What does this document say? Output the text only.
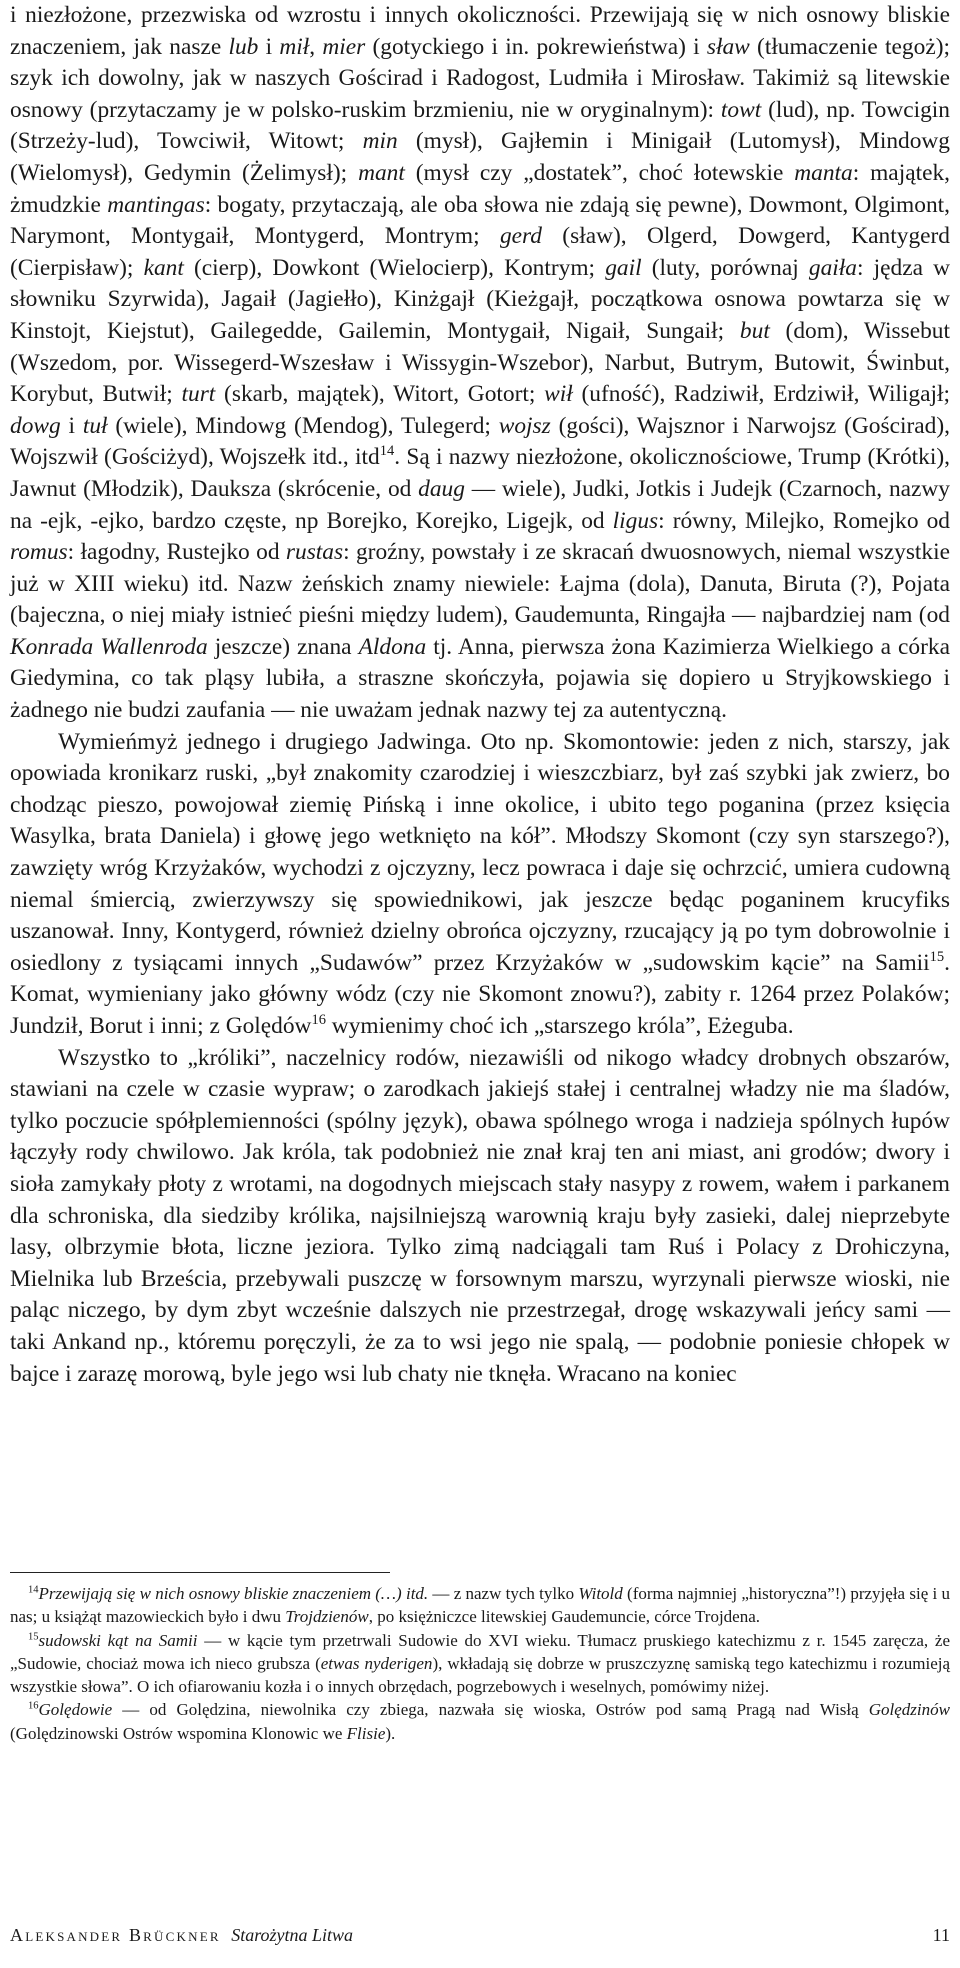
i niezłożone, przezwiska od wzrostu i innych okoliczności. Przewijają się w nich osnowy bliskie znaczeniem, jak nasze lub i mił, mier (gotyckiego i in. pokrewieństwa) i sław (tłumaczenie tegoż); szyk ich dowolny, jak w naszych Gościrad i Radogost, Ludmiła i Mirosław. Takimiż są litewskie osnowy (przytaczamy je w polsko-ruskim brzmieniu, nie w oryginalnym): towt (lud), np. Towcigin (Strzeży-lud), Towciwił, Witowt; min (mysł), Gajłemin i Minigaił (Lutomysł), Mindowg (Wielomysł), Gedymin (Żelimysł); mant (mysł czy „dostatek”, choć łotewskie manta: majątek, żmudzkie mantingas: bogaty, przytaczają, ale oba słowa nie zdają się pewne), Dowmont, Olgimont, Narymont, Montygaił, Montygerd, Montrym; gerd (sław), Olgerd, Dowgerd, Kantygerd (Cierpisław); kant (cierp), Dowkont (Wielocierp), Kontrym; gail (luty, porównaj gaiła: jędza w słowniku Szyrwida), Jagaił (Jagiełło), Kinżgajł (Kieżgajł, początkowa osnowa powtarza się w Kinstojt, Kiejstut), Gailegedde, Gailemin, Montygaił, Nigaił, Sungaił; but (dom), Wissebut (Wszedom, por. Wissegerd-Wszesław i Wissygin-Wszebor), Narbut, Butrym, Butowit, Świnbut, Korybut, Butwił; turt (skarb, majątek), Witort, Gotort; wił (ufność), Radziwił, Erdziwił, Wiligajł; dowg i tuł (wiele), Mindowg (Mendog), Tulegerd; wojsz (gości), Wajsznor i Narwojsz (Gościrad), Wojszwił (Gościżyd), Wojszełk itd., itd$^{14}$. Są i nazwy niezłożone, okolicznościowe, Trump (Krótki), Jawnut (Młodzik), Dauksza (skrócenie, od daug — wiele), Judki, Jotkis i Judejk (Czarnoch, nazwy na -ejk, -ejko, bardzo częste, np Borejko, Korejko, Ligejk, od ligus: równy, Milejko, Romejko od romus: łagodny, Rustejko od rustas: groźny, powstały i ze skracań dwuosnowych, niemal wszystkie już w XIII wieku) itd. Nazw żeńskich znamy niewiele: Łajma (dola), Danuta, Biruta (?), Pojata (bajeczna, o niej miały istnieć pieśni między ludem), Gaudemunta, Ringajła — najbardziej nam (od Konrada Wallenroda jeszcze) znana Aldona tj. Anna, pierwsza żona Kazimierza Wielkiego a córka Giedymina, co tak pląsy lubiła, a straszne skończyła, pojawia się dopiero u Stryjkowskiego i żadnego nie budzi zaufania — nie uważam jednak nazwy tej za autentyczną.

Wymieńmyż jednego i drugiego Jadwinga. Oto np. Skomontowie: jeden z nich, starszy, jak opowiada kronikarz ruski, „był znakomity czarodziej i wieszczbiarz, był zaś szybki jak zwierz, bo chodząc pieszo, powojował ziemię Pińską i inne okolice, i ubito tego poganina (przez księcia Wasylka, brata Daniela) i głowę jego wetknięto na kół”. Młodszy Skomont (czy syn starszego?), zawzięty wróg Krzyżaków, wychodzi z ojczyzny, lecz powraca i daje się ochrzcić, umiera cudowną niemal śmiercią, zwierzywszy się spowiednikowi, jak jeszcze będąc poganinem krucyfiks uszanował. Inny, Kontygerd, również dzielny obrońca ojczyzny, rzucający ją po tym dobrowolnie i osiedlony z tysiącami innych „Sudawów” przez Krzyżaków w „sudowskim kącie” na Samii$^{15}$. Komat, wymieniany jako główny wódz (czy nie Skomont znowu?), zabity r. 1264 przez Polaków; Jundził, Borut i inni; z Golędów$^{16}$ wymienimy choć ich „starszego króla”, Eżeguba.

Wszystko to „króliki”, naczelnicy rodów, niezawiśli od nikogo władcy drobnych obszarów, stawiani na czele w czasie wypraw; o zarodkach jakiejś stałej i centralnej władzy nie ma śladów, tylko poczucie spółplemienności (spólny język), obawa spólnego wroga i nadzieja spólnych łupów łączyły rody chwilowo. Jak króla, tak podobnież nie znał kraj ten ani miast, ani grodów; dwory i sioła zamykały płoty z wrotami, na dogodnych miejscach stały nasypy z rowem, wałem i parkanem dla schroniska, dla siedziby królika, najsilniejszą warownią kraju były zasieki, dalej nieprzebyte lasy, olbrzymie błota, liczne jeziora. Tylko zimą nadciągali tam Ruś i Polacy z Drohiczyna, Mielnika lub Brześcia, przebywali puszczę w forsownym marszu, wyrzynali pierwsze wioski, nie paląc niczego, by dym zbyt wcześnie dalszych nie przestrzegał, drogę wskazywali jeńcy sami — taki Ankand np., któremu poręczyli, że za to wsi jego nie spalą, — podobnie poniesie chłopek w bajce i zarazę morową, byle jego wsi lub chaty nie tknęła. Wracano na koniec

$^{14}$Przewijają się w nich osnowy bliskie znaczeniem (…) itd. — z nazw tych tylko Witold (forma najmniej „historyczna”!) przyjęła się i u nas; u książąt mazowieckich było i dwu Trojdzienów, po księżniczce litewskiej Gaudemuncie, córce Trojdena.

$^{15}$sudowski kąt na Samii — w kącie tym przetrwali Sudowie do XVI wieku. Tłumacz pruskiego katechizmu z r. 1545 zaręcza, że „Sudowie, chociaż mowa ich nieco grubsza (etwas nyderigen), wkładają się dobrze w pruszczyznę samiską tego katechizmu i rozumieją wszystkie słowa”. O ich ofiarowaniu kozła i o innych obrzędach, pogrzebowych i weselnych, pomówimy niżej.

$^{16}$Golędowie — od Golędzina, niewolnika czy zbiega, nazwała się wioska, Ostrów pod samą Pragą nad Wisłą Golędzinów (Golędzinowski Ostrów wspomina Klonowic we Flisie).

Aleksander Brückner Starożytna Litwa	11
